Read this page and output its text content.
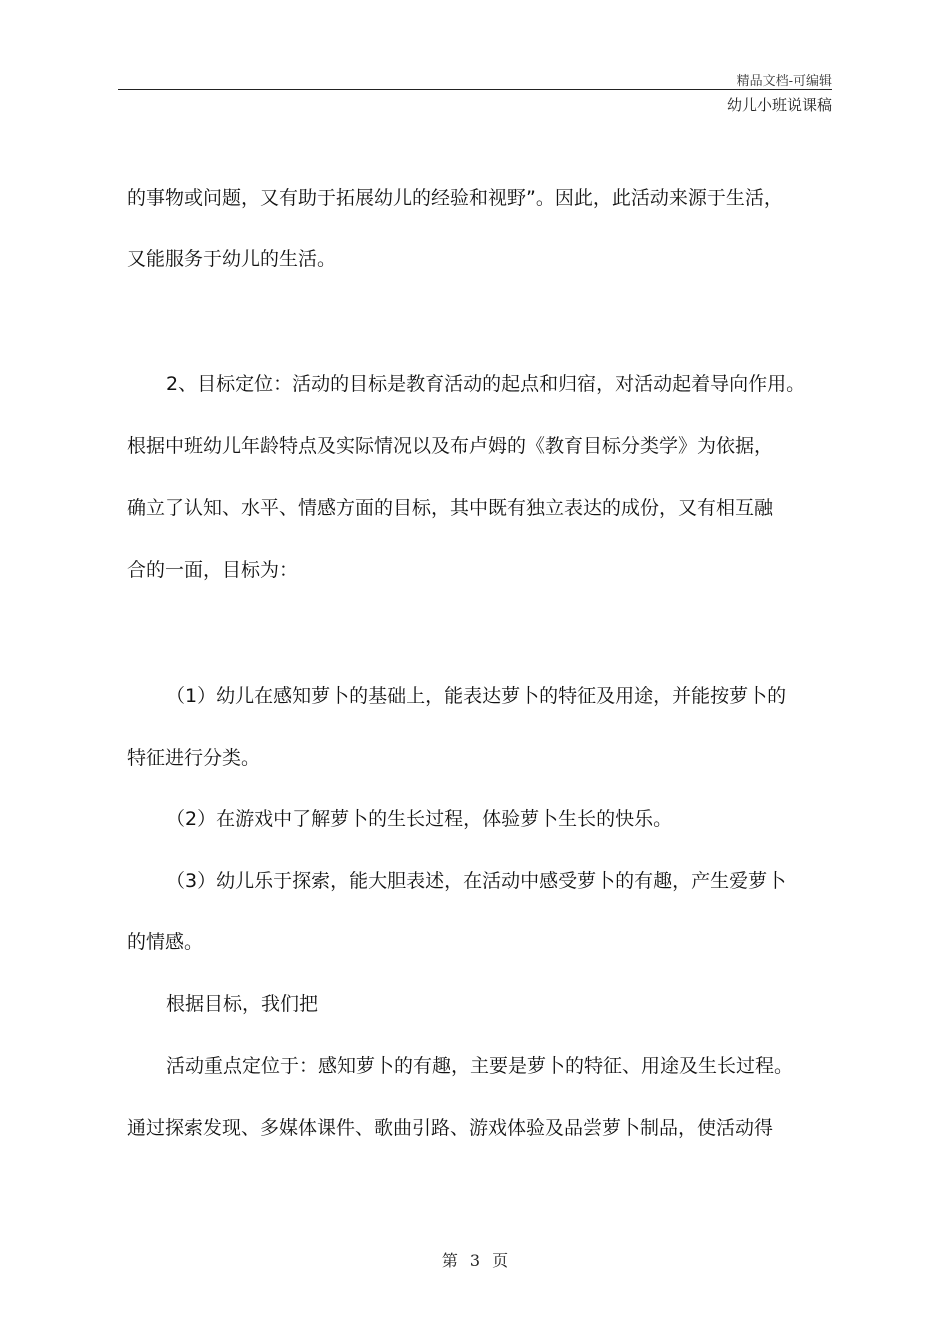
精品文档-可编辑
幼儿小班说课稿
的事物或问题，又有助于拓展幼儿的经验和视野”。因此，此活动来源于生活，
又能服务于幼儿的生活。
2、目标定位：活动的目标是教育活动的起点和归宿，对活动起着导向作用。
根据中班幼儿年龄特点及实际情况以及布卢姆的《教育目标分类学》为依据，
确立了认知、水平、情感方面的目标，其中既有独立表达的成份，又有相互融
合的一面，目标为：
（1）幼儿在感知萝卜的基础上，能表达萝卜的特征及用途，并能按萝卜的
特征进行分类。
（2）在游戏中了解萝卜的生长过程，体验萝卜生长的快乐。
（3）幼儿乐于探索，能大胆表述，在活动中感受萝卜的有趣，产生爱萝卜
的情感。
根据目标，我们把
活动重点定位于：感知萝卜的有趣，主要是萝卜的特征、用途及生长过程。
通过探索发现、多媒体课件、歌曲引路、游戏体验及品尝萝卜制品，使活动得
第 3 页
